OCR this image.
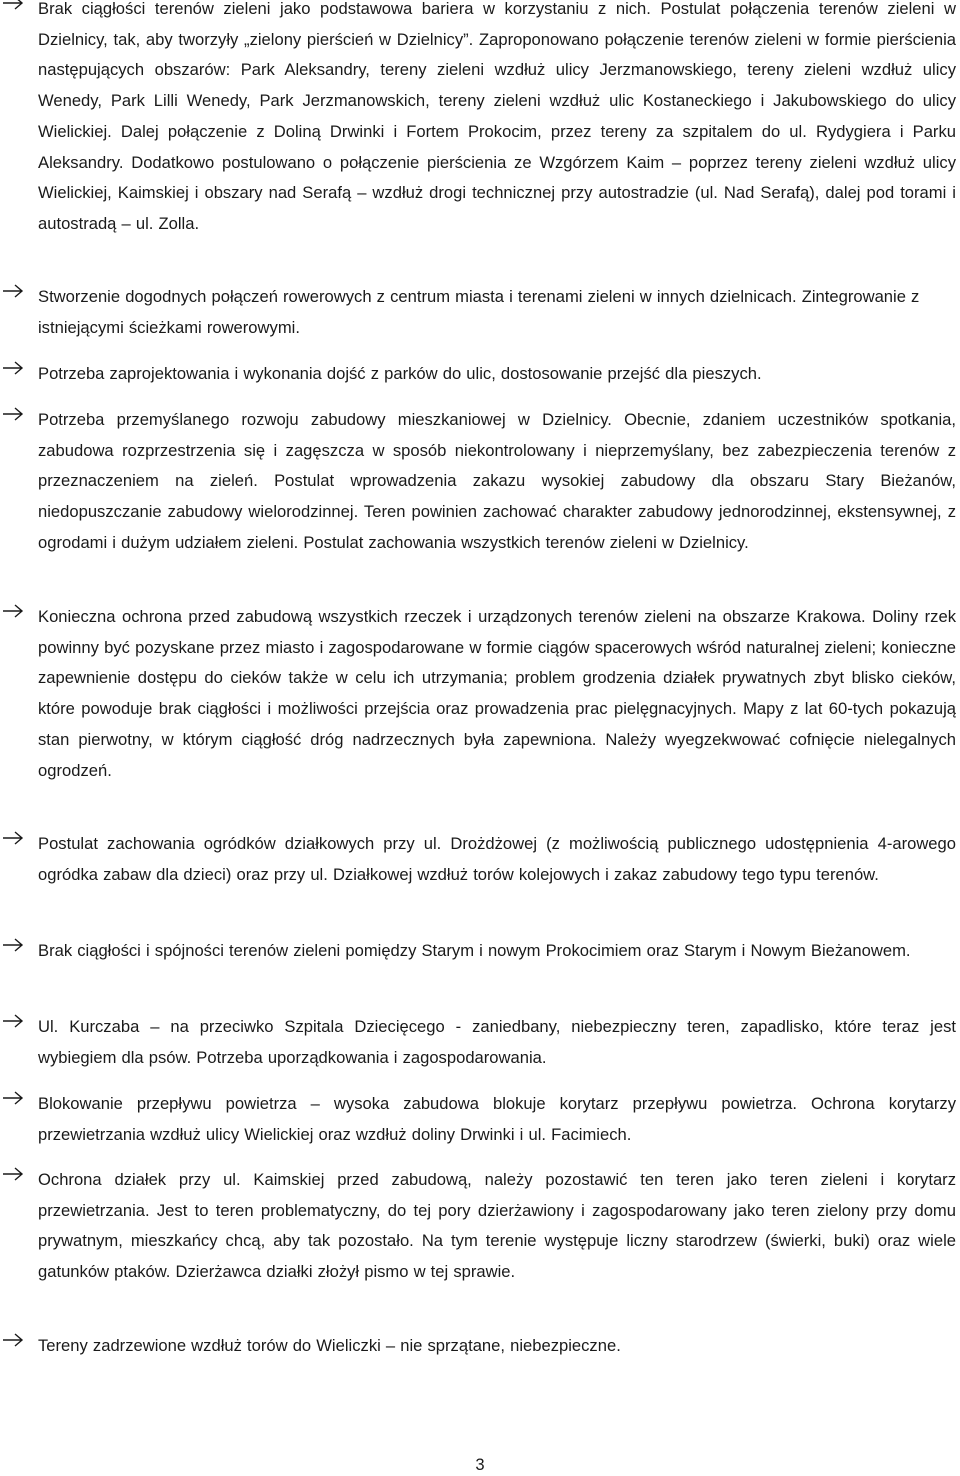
Brak ciągłości terenów zieleni jako podstawowa bariera w korzystaniu z nich. Postulat połączenia terenów zieleni w Dzielnicy, tak, aby tworzyły „zielony pierścień w Dzielnicy”. Zaproponowano połączenie terenów zieleni w formie pierścienia następujących obszarów: Park Aleksandry, tereny zieleni wzdłuż ulicy Jerzmanowskiego, tereny zieleni wzdłuż ulicy Wenedy, Park Lilli Wenedy, Park Jerzmanowskich, tereny zieleni wzdłuż ulic Kostaneckiego i Jakubowskiego do ulicy Wielickiej. Dalej połączenie z Doliną Drwinki i Fortem Prokocim, przez tereny za szpitalem do ul. Rydygiera i Parku Aleksandry. Dodatkowo postulowano o połączenie pierścienia ze Wzgórzem Kaim – poprzez tereny zieleni wzdłuż ulicy Wielickiej, Kaimskiej i obszary nad Serafą – wzdłuż drogi technicznej przy autostradzie (ul. Nad Serafą), dalej pod torami i autostradą – ul. Zolla.

Stworzenie dogodnych połączeń rowerowych z centrum miasta i terenami zieleni w innych dzielnicach. Zintegrowanie z istniejącymi ścieżkami rowerowymi.

Potrzeba zaprojektowania i wykonania dojść z parków do ulic, dostosowanie przejść dla pieszych.

Potrzeba przemyślanego rozwoju zabudowy mieszkaniowej w Dzielnicy. Obecnie, zdaniem uczestników spotkania, zabudowa rozprzestrzenia się i zagęszcza w sposób niekontrolowany i nieprzemyślany, bez zabezpieczenia terenów z przeznaczeniem na zieleń. Postulat wprowadzenia zakazu wysokiej zabudowy dla obszaru Stary Bieżanów, niedopuszczanie zabudowy wielorodzinnej. Teren powinien zachować charakter zabudowy jednorodzinnej, ekstensywnej, z ogrodami i dużym udziałem zieleni. Postulat zachowania wszystkich terenów zieleni w Dzielnicy.

Konieczna ochrona przed zabudową wszystkich rzeczek i urządzonych terenów zieleni na obszarze Krakowa. Doliny rzek powinny być pozyskane przez miasto i zagospodarowane w formie ciągów spacerowych wśród naturalnej zieleni; konieczne zapewnienie dostępu do cieków także w celu ich utrzymania; problem grodzenia działek prywatnych zbyt blisko cieków, które powoduje brak ciągłości i możliwości przejścia oraz prowadzenia prac pielęgnacyjnych. Mapy z lat 60-tych pokazują stan pierwotny, w którym ciągłość dróg nadrzecznych była zapewniona. Należy wyegzekwować cofnięcie nielegalnych ogrodzeń.

Postulat zachowania ogródków działkowych przy ul. Drożdżowej (z możliwością publicznego udostępnienia 4-arowego ogródka zabaw dla dzieci) oraz przy ul. Działkowej wzdłuż torów kolejowych i zakaz zabudowy tego typu terenów.

Brak ciągłości i spójności terenów zieleni pomiędzy Starym i nowym Prokocimiem oraz Starym i Nowym Bieżanowem.

Ul. Kurczaba – na przeciwko Szpitala Dziecięcego - zaniedbany, niebezpieczny teren, zapadlisko, które teraz jest wybiegiem dla psów. Potrzeba uporządkowania i zagospodarowania.

Blokowanie przepływu powietrza – wysoka zabudowa blokuje korytarz przepływu powietrza. Ochrona korytarzy przewietrzania wzdłuż ulicy Wielickiej oraz wzdłuż doliny Drwinki i ul. Facimiech.

Ochrona działek przy ul. Kaimskiej przed zabudową, należy pozostawić ten teren jako teren zieleni i korytarz przewietrzania. Jest to teren problematyczny, do tej pory dzierżawiony i zagospodarowany jako teren zielony przy domu prywatnym, mieszkańcy chcą, aby tak pozostało. Na tym terenie występuje liczny starodrzew (świerki, buki) oraz wiele gatunków ptaków. Dzierżawca działki złożył pismo w tej sprawie.

Tereny zadrzewione wzdłuż torów do Wieliczki – nie sprzątane, niebezpieczne.

3
